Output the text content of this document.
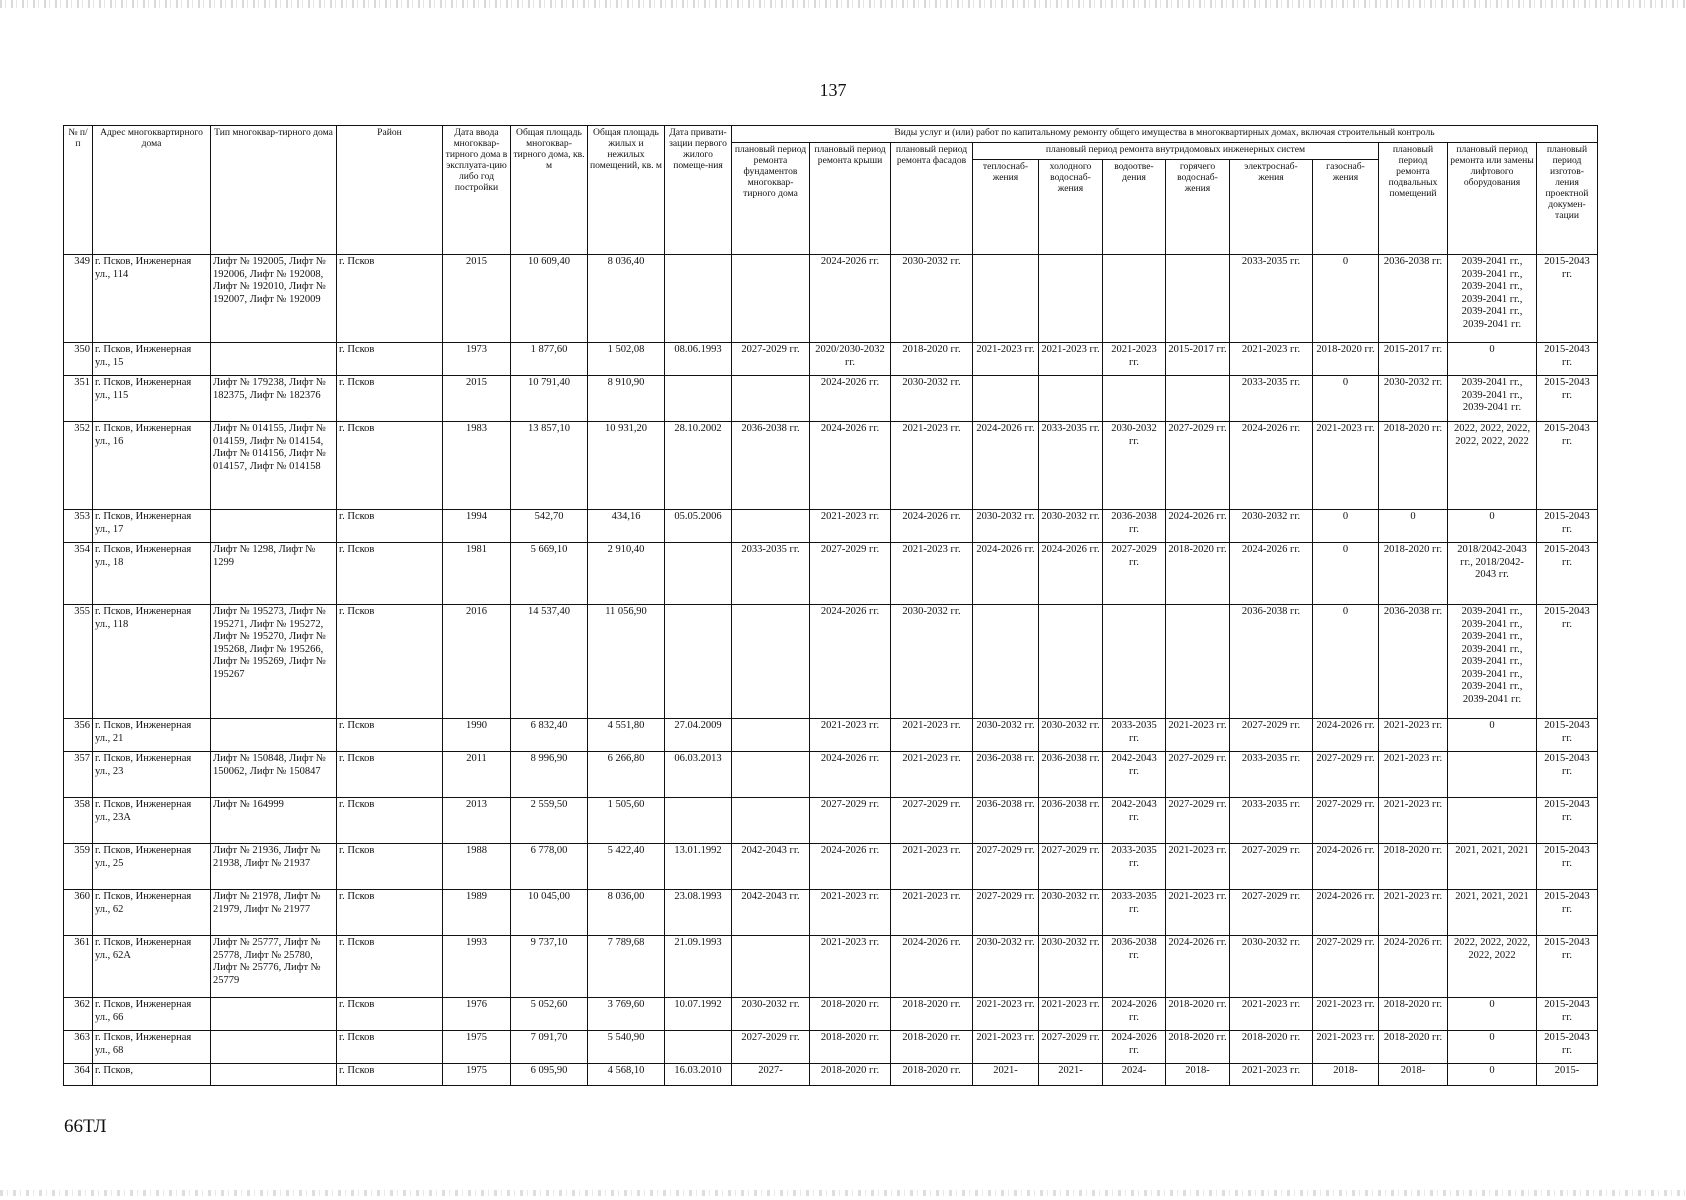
137
№ п/п	Адрес многоквартирного дома	Тип многоквар-тирного дома	Район	Дата ввода многоквар-тирного дома в эксплуата-цию либо год постройки	Общая площадь многоквар-тирного дома, кв. м	Общая площадь жилых и нежилых помещений, кв. м	Дата привати-зации первого жилого помеще-ния	Виды услуг и (или) работ по капитальному ремонту общего имущества в многоквартирных домах, включая строительный контроль											
								плановый период ремонта фундаментов многоквар-тирного дома	плановый период ремонта крыши	плановый период ремонта фасадов	плановый период ремонта внутридомовых инженерных систем						плановый период ремонта подвальных помещений	плановый период ремонта или замены лифтового оборудования	плановый период изготов-ления проектной докумен-тации
											теплоснаб-жения	холодного водоснаб-жения	водоотве-дения	горячего водоснаб-жения	электроснаб-жения	газоснаб-жения			
349	г. Псков, Инженерная ул., 114	Лифт № 192005, Лифт № 192006, Лифт № 192008, Лифт № 192010, Лифт № 192007, Лифт № 192009	г. Псков	2015	10 609,40	8 036,40			2024-2026 гг.	2030-2032 гг.					2033-2035 гг.	0	2036-2038 гг.	2039-2041 гг., 2039-2041 гг., 2039-2041 гг., 2039-2041 гг., 2039-2041 гг., 2039-2041 гг.	2015-2043 гг.
350	г. Псков, Инженерная ул., 15		г. Псков	1973	1 877,60	1 502,08	08.06.1993	2027-2029 гг.	2020/2030-2032 гг.	2018-2020 гг.	2021-2023 гг.	2021-2023 гг.	2021-2023 гг.	2015-2017 гг.	2021-2023 гг.	2018-2020 гг.	2015-2017 гг.	0	2015-2043 гг.
351	г. Псков, Инженерная ул., 115	Лифт № 179238, Лифт № 182375, Лифт № 182376	г. Псков	2015	10 791,40	8 910,90			2024-2026 гг.	2030-2032 гг.					2033-2035 гг.	0	2030-2032 гг.	2039-2041 гг., 2039-2041 гг., 2039-2041 гг.	2015-2043 гг.
352	г. Псков, Инженерная ул., 16	Лифт № 014155, Лифт № 014159, Лифт № 014154, Лифт № 014156, Лифт № 014157, Лифт № 014158	г. Псков	1983	13 857,10	10 931,20	28.10.2002	2036-2038 гг.	2024-2026 гг.	2021-2023 гг.	2024-2026 гг.	2033-2035 гг.	2030-2032 гг.	2027-2029 гг.	2024-2026 гг.	2021-2023 гг.	2018-2020 гг.	2022, 2022, 2022, 2022, 2022, 2022	2015-2043 гг.
353	г. Псков, Инженерная ул., 17		г. Псков	1994	542,70	434,16	05.05.2006		2021-2023 гг.	2024-2026 гг.	2030-2032 гг.	2030-2032 гг.	2036-2038 гг.	2024-2026 гг.	2030-2032 гг.	0	0	0	2015-2043 гг.
354	г. Псков, Инженерная ул., 18	Лифт № 1298, Лифт № 1299	г. Псков	1981	5 669,10	2 910,40		2033-2035 гг.	2027-2029 гг.	2021-2023 гг.	2024-2026 гг.	2024-2026 гг.	2027-2029 гг.	2018-2020 гг.	2024-2026 гг.	0	2018-2020 гг.	2018/2042-2043 гг., 2018/2042-2043 гг.	2015-2043 гг.
355	г. Псков, Инженерная ул., 118	Лифт № 195273, Лифт № 195271, Лифт № 195272, Лифт № 195270, Лифт № 195268, Лифт № 195266, Лифт № 195269, Лифт № 195267	г. Псков	2016	14 537,40	11 056,90			2024-2026 гг.	2030-2032 гг.					2036-2038 гг.	0	2036-2038 гг.	2039-2041 гг., 2039-2041 гг., 2039-2041 гг., 2039-2041 гг., 2039-2041 гг., 2039-2041 гг., 2039-2041 гг., 2039-2041 гг.	2015-2043 гг.
356	г. Псков, Инженерная ул., 21		г. Псков	1990	6 832,40	4 551,80	27.04.2009		2021-2023 гг.	2021-2023 гг.	2030-2032 гг.	2030-2032 гг.	2033-2035 гг.	2021-2023 гг.	2027-2029 гг.	2024-2026 гг.	2021-2023 гг.	0	2015-2043 гг.
357	г. Псков, Инженерная ул., 23	Лифт № 150848, Лифт № 150062, Лифт № 150847	г. Псков	2011	8 996,90	6 266,80	06.03.2013		2024-2026 гг.	2021-2023 гг.	2036-2038 гг.	2036-2038 гг.	2042-2043 гг.	2027-2029 гг.	2033-2035 гг.	2027-2029 гг.	2021-2023 гг.		2015-2043 гг.
358	г. Псков, Инженерная ул., 23А	Лифт № 164999	г. Псков	2013	2 559,50	1 505,60			2027-2029 гг.	2027-2029 гг.	2036-2038 гг.	2036-2038 гг.	2042-2043 гг.	2027-2029 гг.	2033-2035 гг.	2027-2029 гг.	2021-2023 гг.		2015-2043 гг.
359	г. Псков, Инженерная ул., 25	Лифт № 21936, Лифт № 21938, Лифт № 21937	г. Псков	1988	6 778,00	5 422,40	13.01.1992	2042-2043 гг.	2024-2026 гг.	2021-2023 гг.	2027-2029 гг.	2027-2029 гг.	2033-2035 гг.	2021-2023 гг.	2027-2029 гг.	2024-2026 гг.	2018-2020 гг.	2021, 2021, 2021	2015-2043 гг.
360	г. Псков, Инженерная ул., 62	Лифт № 21978, Лифт № 21979, Лифт № 21977	г. Псков	1989	10 045,00	8 036,00	23.08.1993	2042-2043 гг.	2021-2023 гг.	2021-2023 гг.	2027-2029 гг.	2030-2032 гг.	2033-2035 гг.	2021-2023 гг.	2027-2029 гг.	2024-2026 гг.	2021-2023 гг.	2021, 2021, 2021	2015-2043 гг.
361	г. Псков, Инженерная ул., 62А	Лифт № 25777, Лифт № 25778, Лифт № 25780, Лифт № 25776, Лифт № 25779	г. Псков	1993	9 737,10	7 789,68	21.09.1993		2021-2023 гг.	2024-2026 гг.	2030-2032 гг.	2030-2032 гг.	2036-2038 гг.	2024-2026 гг.	2030-2032 гг.	2027-2029 гг.	2024-2026 гг.	2022, 2022, 2022, 2022, 2022	2015-2043 гг.
362	г. Псков, Инженерная ул., 66		г. Псков	1976	5 052,60	3 769,60	10.07.1992	2030-2032 гг.	2018-2020 гг.	2018-2020 гг.	2021-2023 гг.	2021-2023 гг.	2024-2026 гг.	2018-2020 гг.	2021-2023 гг.	2021-2023 гг.	2018-2020 гг.	0	2015-2043 гг.
363	г. Псков, Инженерная ул., 68		г. Псков	1975	7 091,70	5 540,90		2027-2029 гг.	2018-2020 гг.	2018-2020 гг.	2021-2023 гг.	2027-2029 гг.	2024-2026 гг.	2018-2020 гг.	2018-2020 гг.	2021-2023 гг.	2018-2020 гг.	0	2015-2043 гг.
364	г. Псков,		г. Псков	1975	6 095,90	4 568,10	16.03.2010	2027-	2018-2020 гг.	2018-2020 гг.	2021-	2021-	2024-	2018-	2021-2023 гг.	2018-	2018-	0	2015-
66ТЛ
